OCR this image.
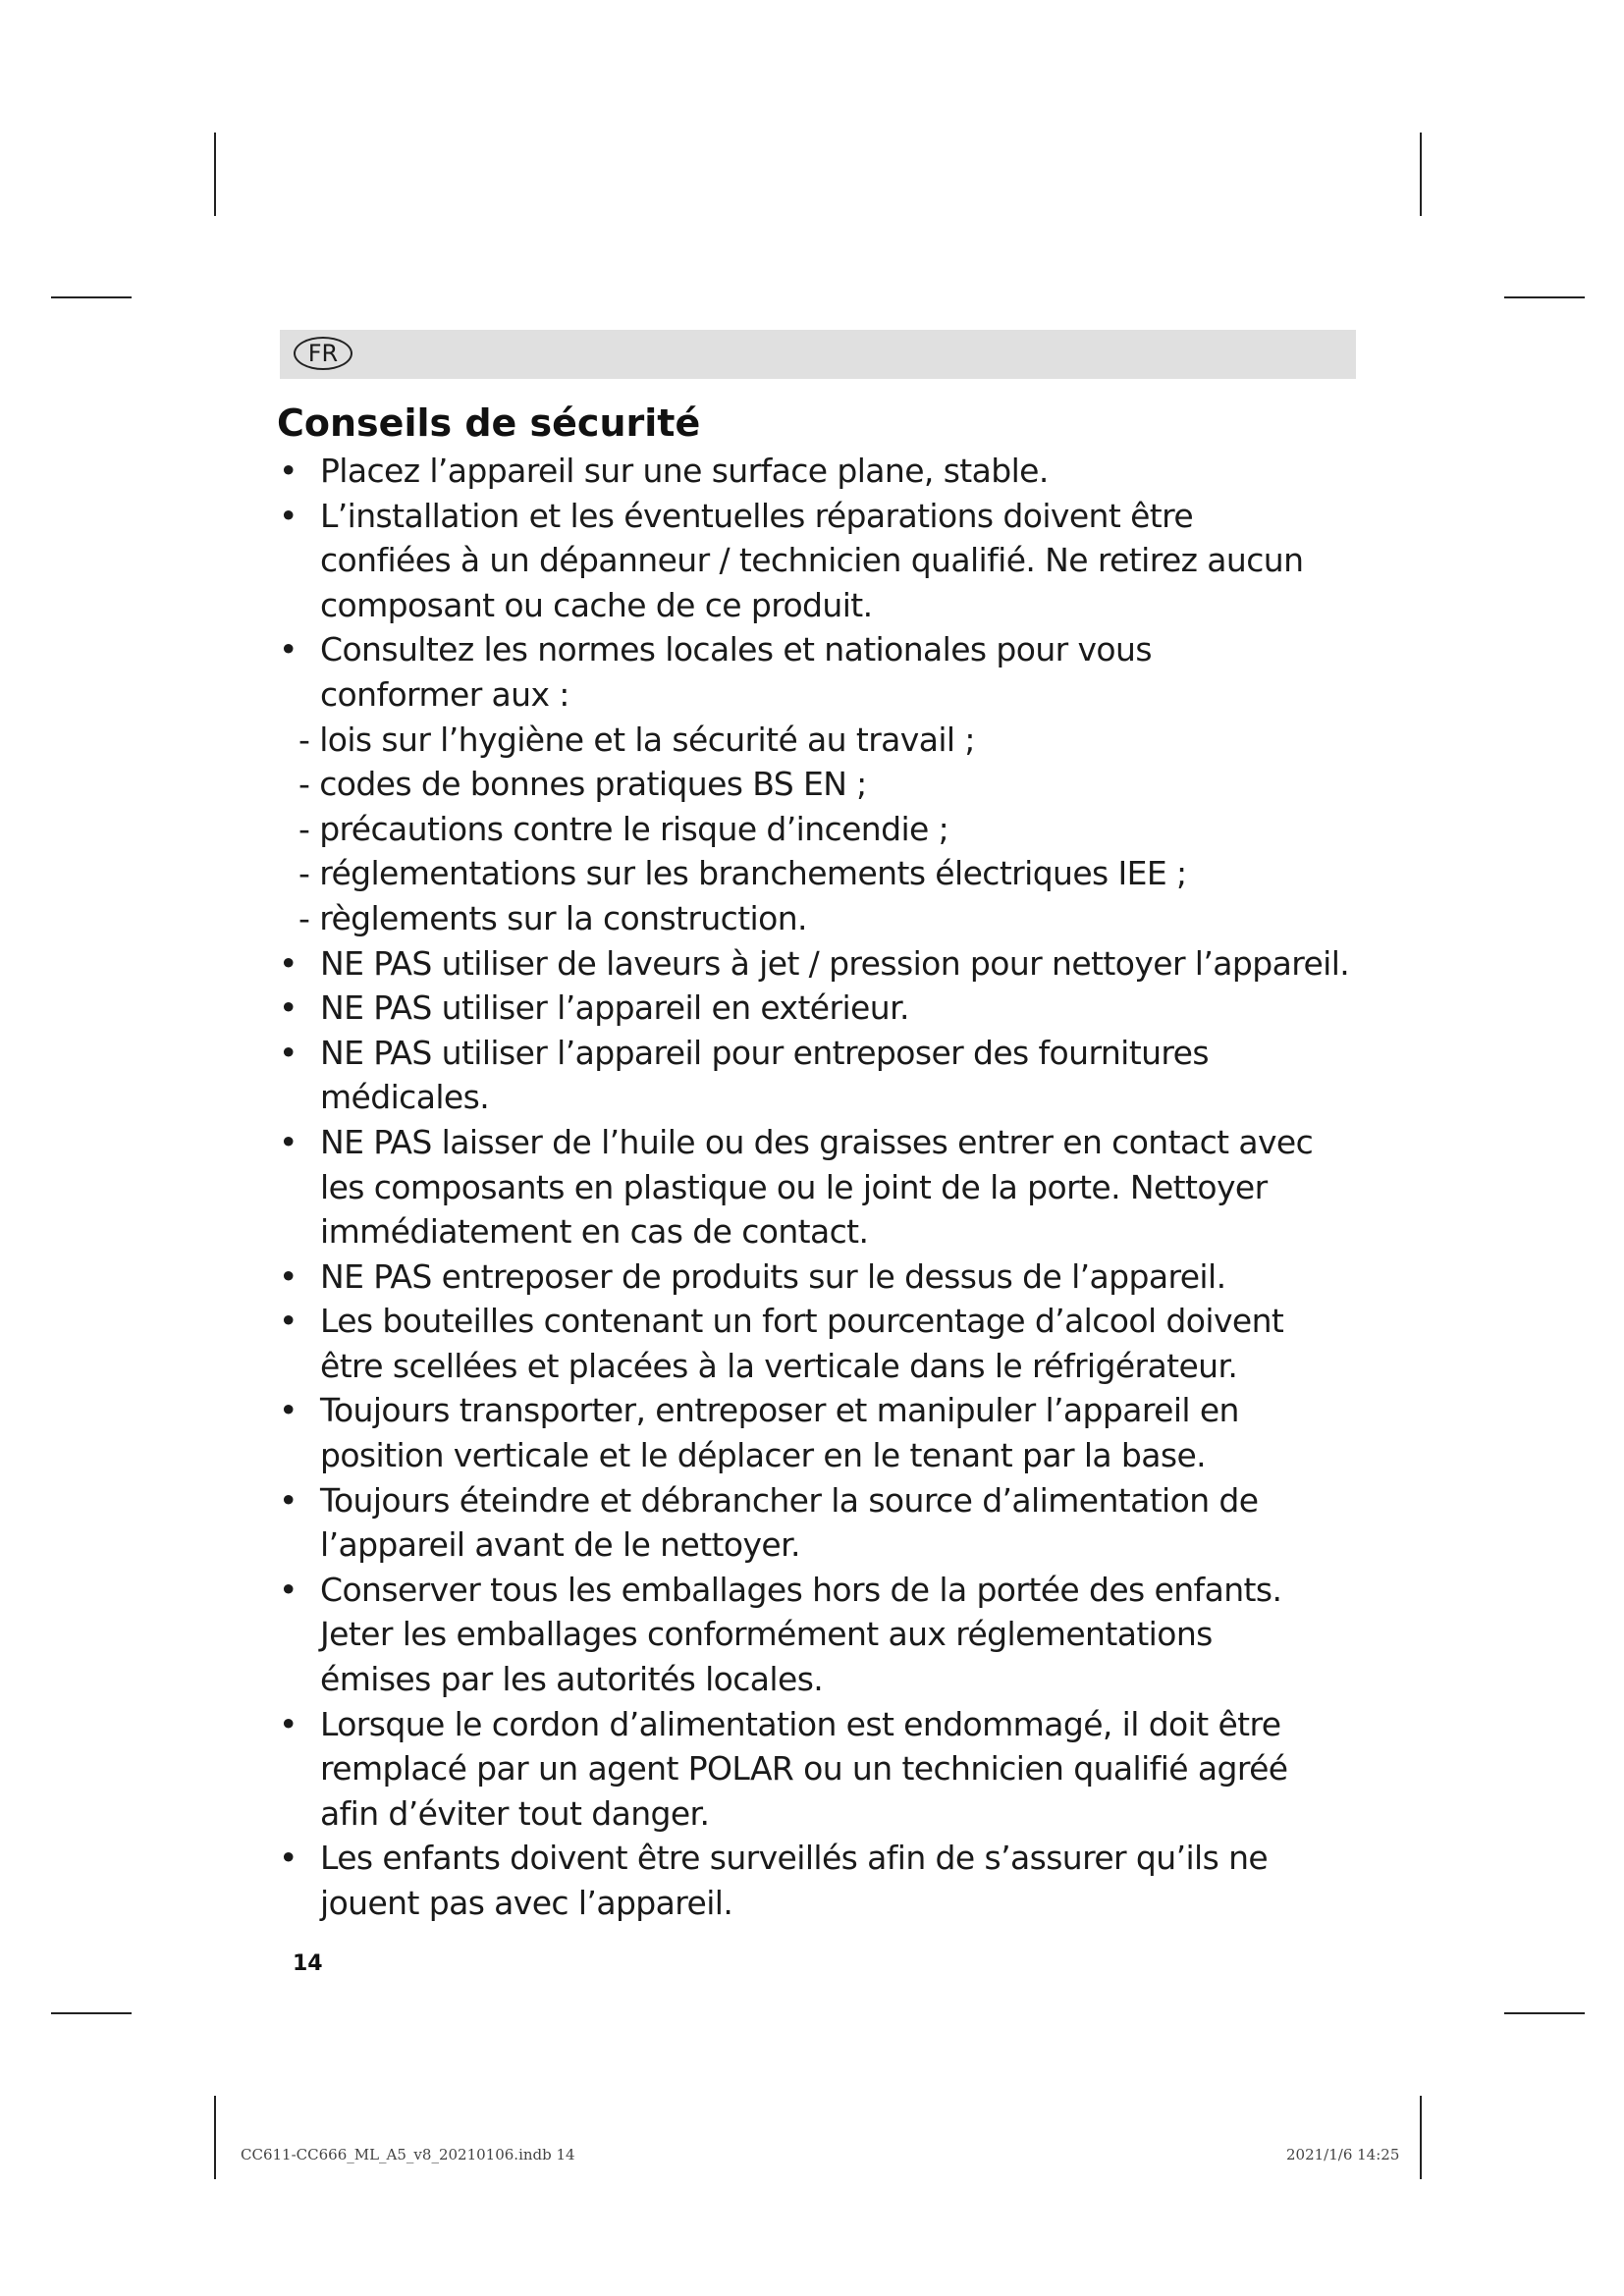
FR
Conseils de sécurité
• Placez l’appareil sur une surface plane, stable.
• L’installation et les éventuelles réparations doivent être
confiées à un dépanneur / technicien qualifié. Ne retirez aucun
composant ou cache de ce produit.
• Consultez les normes locales et nationales pour vous
conformer aux :
- lois sur l’hygiène et la sécurité au travail ;
- codes de bonnes pratiques BS EN ;
- précautions contre le risque d’incendie ;
- réglementations sur les branchements électriques IEE ;
- règlements sur la construction.
• NE PAS utiliser de laveurs à jet / pression pour nettoyer l’appareil.
• NE PAS utiliser l’appareil en extérieur.
• NE PAS utiliser l’appareil pour entreposer des fournitures
médicales.
• NE PAS laisser de l’huile ou des graisses entrer en contact avec
les composants en plastique ou le joint de la porte. Nettoyer
immédiatement en cas de contact.
• NE PAS entreposer de produits sur le dessus de l’appareil.
• Les bouteilles contenant un fort pourcentage d’alcool doivent
être scellées et placées à la verticale dans le réfrigérateur.
• Toujours transporter, entreposer et manipuler l’appareil en
position verticale et le déplacer en le tenant par la base.
• Toujours éteindre et débrancher la source d’alimentation de
l’appareil avant de le nettoyer.
• Conserver tous les emballages hors de la portée des enfants.
Jeter les emballages conformément aux réglementations
émises par les autorités locales.
• Lorsque le cordon d’alimentation est endommagé, il doit être
remplacé par un agent POLAR ou un technicien qualifié agréé
afin d’éviter tout danger.
• Les enfants doivent être surveillés afin de s’assurer qu’ils ne
jouent pas avec l’appareil.
14
CC611-CC666_ML_A5_v8_20210106.indb 14	2021/1/6 14:25
